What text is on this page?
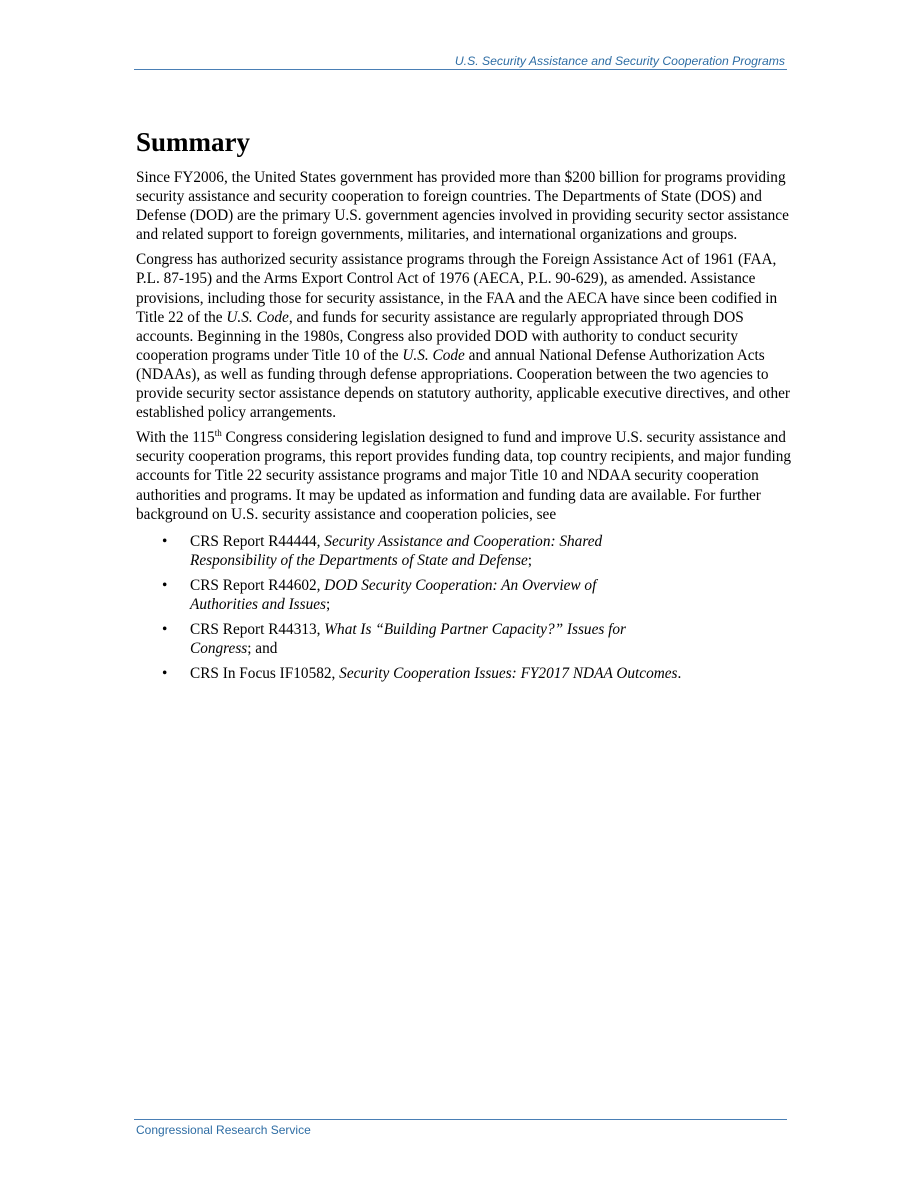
U.S. Security Assistance and Security Cooperation Programs
Summary

Since FY2006, the United States government has provided more than $200 billion for programs providing security assistance and security cooperation to foreign countries. The Departments of State (DOS) and Defense (DOD) are the primary U.S. government agencies involved in providing security sector assistance and related support to foreign governments, militaries, and international organizations and groups.

Congress has authorized security assistance programs through the Foreign Assistance Act of 1961 (FAA, P.L. 87-195) and the Arms Export Control Act of 1976 (AECA, P.L. 90-629), as amended. Assistance provisions, including those for security assistance, in the FAA and the AECA have since been codified in Title 22 of the U.S. Code, and funds for security assistance are regularly appropriated through DOS accounts. Beginning in the 1980s, Congress also provided DOD with authority to conduct security cooperation programs under Title 10 of the U.S. Code and annual National Defense Authorization Acts (NDAAs), as well as funding through defense appropriations. Cooperation between the two agencies to provide security sector assistance depends on statutory authority, applicable executive directives, and other established policy arrangements.

With the 115th Congress considering legislation designed to fund and improve U.S. security assistance and security cooperation programs, this report provides funding data, top country recipients, and major funding accounts for Title 22 security assistance programs and major Title 10 and NDAA security cooperation authorities and programs. It may be updated as information and funding data are available. For further background on U.S. security assistance and cooperation policies, see

• CRS Report R44444, Security Assistance and Cooperation: Shared Responsibility of the Departments of State and Defense;
• CRS Report R44602, DOD Security Cooperation: An Overview of Authorities and Issues;
• CRS Report R44313, What Is “Building Partner Capacity?” Issues for Congress; and
• CRS In Focus IF10582, Security Cooperation Issues: FY2017 NDAA Outcomes.
Congressional Research Service
